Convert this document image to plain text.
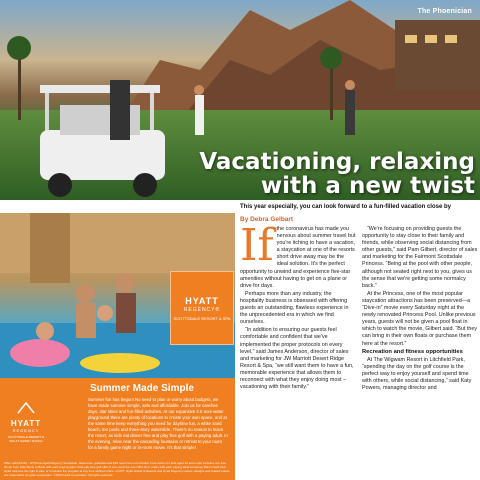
The Phoenician
Vacationing, relaxing
with a new twist
HYATT
REGENCY®
SCOTTSDALE RESORT & SPA
Summer Made Simple
Summer fun has begun! No need to plan or worry about budgets, we have made summer simple, safe and affordable. Join us for carefree days, star skies and fun-filled activities. At our expansive 2.5 acre water playground there are plenty of locations to create your own space, and at the same time keep everything you need for daytime fun, a white sand beach, ten pools and three-story waterslide. There's no reason to leave the resort, as kids eat dinner free and play free golf with a paying adult. In the evening, relax near the cascading fountains or retreat to your room for a family game night or in-room movie. It's that simple!
HYATT
REGENCY
SCOTTSDALE RESORT & SPA AT GAINEY RANCH
Offer valid 6/1/20 – 9/7/20 at Hyatt Regency Scottsdale. Resort fee, gratuities and $15 resort fee not included. Free dinner for kids aged 12 and under includes one free dinner from Kids Menu to Birds with each paying adult. Kids play free golf offer is one round for one child 15 or under with each paying adult at Gainey Ranch Golf Club. Hyatt reserves the right to alter or terminate the program at any time without notice. HYATT, Hyatt Hotels & Resorts and Hyatt Regency names, designs and related marks are trademarks of Hyatt Corporation. ©2020 Hyatt Corporation. All rights reserved.
This year especially, you can look forward to a fun-filled vacation close by
By Debra Gelbart

If the coronavirus has made you nervous about summer travel but you're itching to have a vacation, a staycation at one of the resorts short drive away may be the ideal solution. It's the perfect opportunity to unwind and experience five-star amenities without having to get on a plane or drive for days.

Perhaps more than any industry, the hospitality business is obsessed with offering guests an outstanding, flawless experience in the unprecedented era in which we find ourselves.

“In addition to ensuring our guests feel comfortable and confident that we've implemented the proper protocols on every level,” said James Anderson, director of sales and marketing for JW Marriott Desert Ridge Resort & Spa, “we still want them to have a fun, memorable experience that allows them to reconnect with what they enjoy doing most – vacationing with their family.”

“We're focusing on providing guests the opportunity to stay close to their family and friends, while observing social distancing from other guests,” said Pam Gilbert, director of sales and marketing for the Fairmont Scottsdale Princess. “Being at the pool with other people, although not seated right next to you, gives us the sense that we're getting some normalcy back.”

At the Princess, one of the most popular staycation attractions has been preserved—a “Dive-in” movie every Saturday night at the newly renovated Princess Pool. Unlike previous years, guests will not be given a pool float in which to watch the movie, Gilbert said. “But they can bring in their own floats or purchase them here at the resort.”

Recreation and fitness opportunities

At The Wigwam Resort in Litchfield Park, “spending the day on the golf course is the perfect way to enjoy yourself and spend time with others, while social distancing,” said Katy Powers, managing director and
